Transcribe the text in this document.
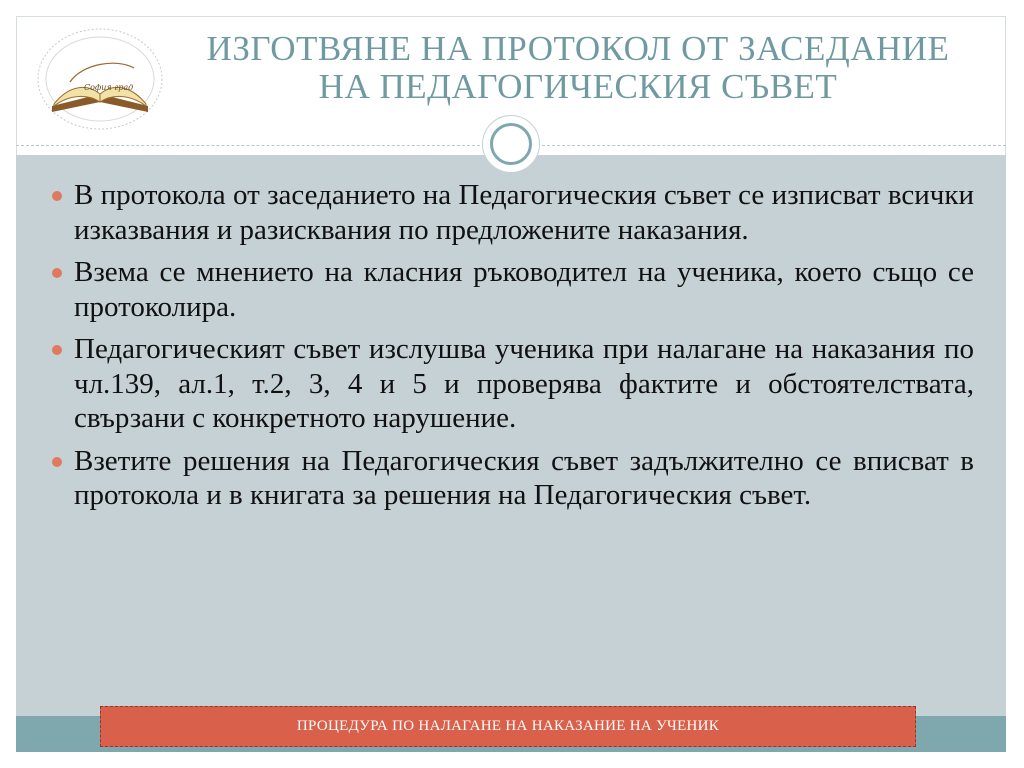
София град
ИЗГОТВЯНЕ НА ПРОТОКОЛ ОТ ЗАСЕДАНИЕ
НА ПЕДАГОГИЧЕСКИЯ СЪВЕТ
В протокола от заседанието на Педагогическия съвет се изписват всички изказвания и разисквания по предложените наказания.
Взема се мнението на класния ръководител на ученика, което също се протоколира.
Педагогическият съвет изслушва ученика при налагане на наказания по чл.139, ал.1, т.2, 3, 4 и 5 и проверява фактите и обстоятелствата, свързани с конкретното нарушение.
Взетите решения на Педагогическия съвет задължително се вписват в протокола и в книгата за решения на Педагогическия съвет.
ПРОЦЕДУРА ПО НАЛАГАНЕ НА НАКАЗАНИЕ НА УЧЕНИК
